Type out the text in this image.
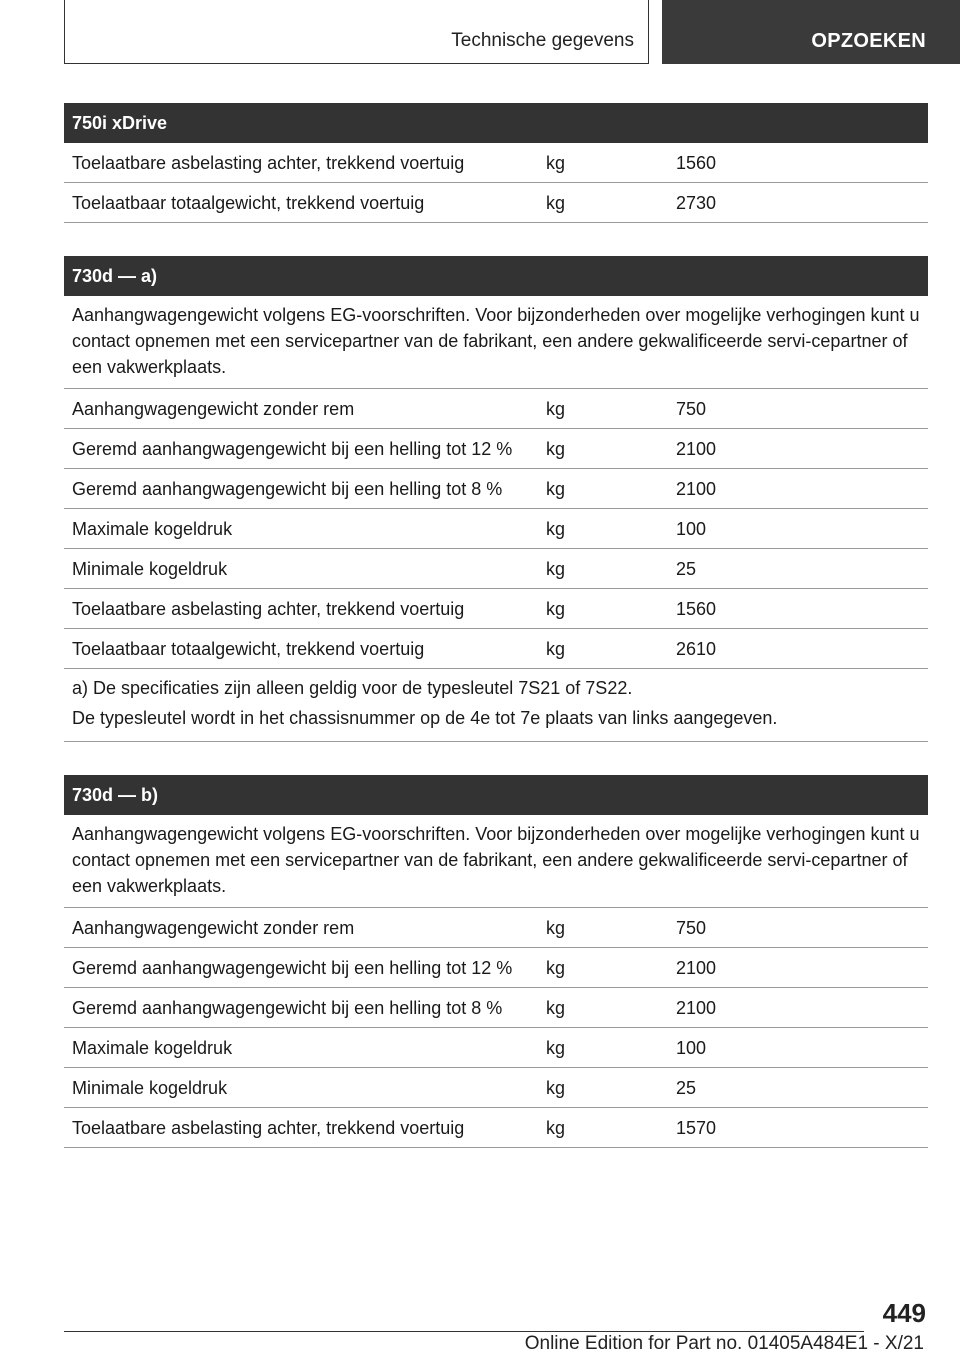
Technische gegevens	OPZOEKEN
750i xDrive
Toelaatbare asbelasting achter, trekkend voertuig	kg	1560
Toelaatbaar totaalgewicht, trekkend voertuig	kg	2730
730d — a)
Aanhangwagengewicht volgens EG-voorschriften. Voor bijzonderheden over mogelijke verhogingen kunt u contact opnemen met een servicepartner van de fabrikant, een andere gekwalificeerde servi-cepartner of een vakwerkplaats.
Aanhangwagengewicht zonder rem	kg	750
Geremd aanhangwagengewicht bij een helling tot 12 %	kg	2100
Geremd aanhangwagengewicht bij een helling tot 8 %	kg	2100
Maximale kogeldruk	kg	100
Minimale kogeldruk	kg	25
Toelaatbare asbelasting achter, trekkend voertuig	kg	1560
Toelaatbaar totaalgewicht, trekkend voertuig	kg	2610
a) De specificaties zijn alleen geldig voor de typesleutel 7S21 of 7S22.
De typesleutel wordt in het chassisnummer op de 4e tot 7e plaats van links aangegeven.
730d — b)
Aanhangwagengewicht volgens EG-voorschriften. Voor bijzonderheden over mogelijke verhogingen kunt u contact opnemen met een servicepartner van de fabrikant, een andere gekwalificeerde servi-cepartner of een vakwerkplaats.
Aanhangwagengewicht zonder rem	kg	750
Geremd aanhangwagengewicht bij een helling tot 12 %	kg	2100
Geremd aanhangwagengewicht bij een helling tot 8 %	kg	2100
Maximale kogeldruk	kg	100
Minimale kogeldruk	kg	25
Toelaatbare asbelasting achter, trekkend voertuig	kg	1570
449
Online Edition for Part no. 01405A484E1 - X/21
